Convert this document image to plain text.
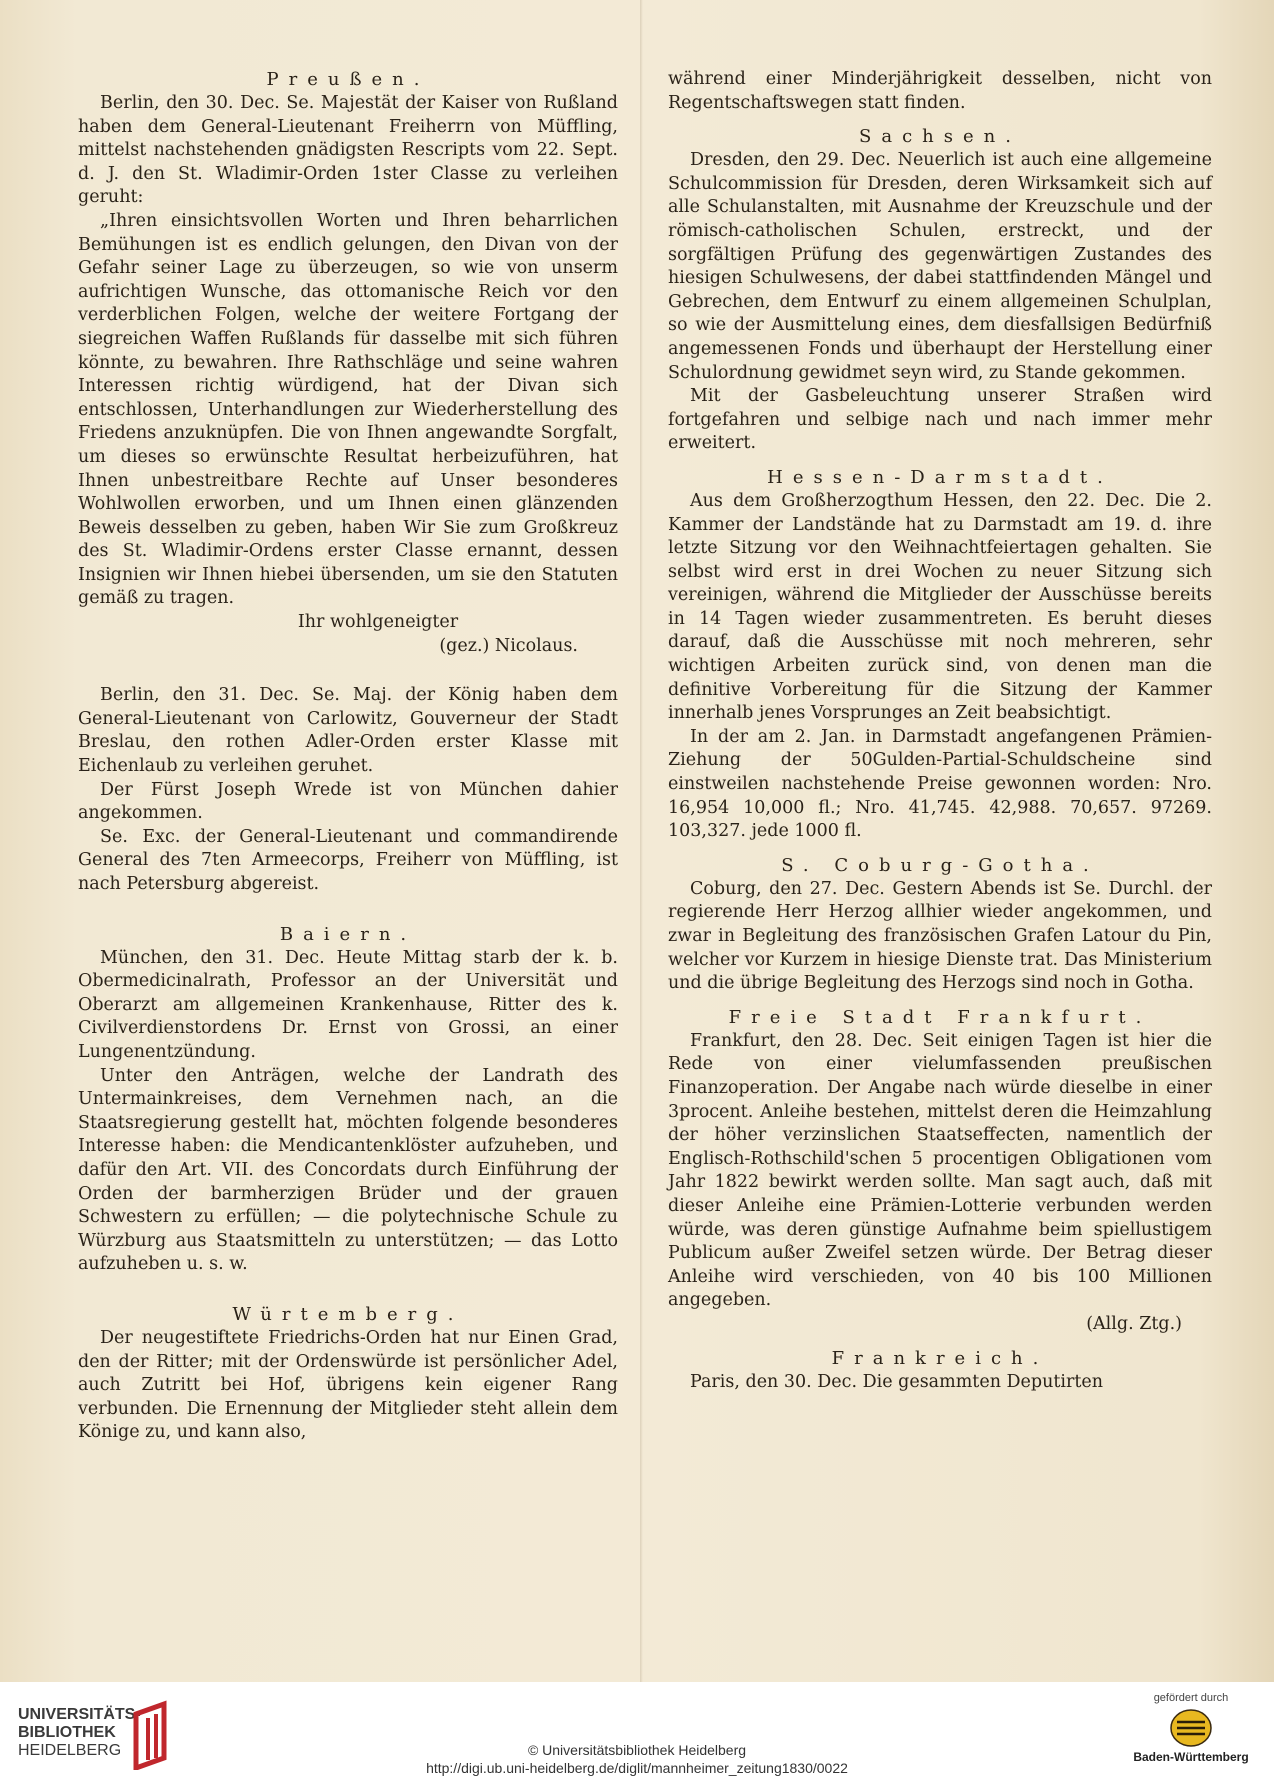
Preußen.

Berlin, den 30. Dec. Se. Majestät der Kaiser von Rußland haben dem General-Lieutenant Freiherrn von Müffling, mittelst nachstehenden gnädigsten Rescripts vom 22. Sept. d. J. den St. Wladimir-Orden 1ster Classe zu verleihen geruht:

„Ihren einsichtsvollen Worten und Ihren beharrlichen Bemühungen ist es endlich gelungen, den Divan von der Gefahr seiner Lage zu überzeugen, so wie von unserm aufrichtigen Wunsche, das ottomanische Reich vor den verderblichen Folgen, welche der weitere Fortgang der siegreichen Waffen Rußlands für dasselbe mit sich führen könnte, zu bewahren. Ihre Rathschläge und seine wahren Interessen richtig würdigend, hat der Divan sich entschlossen, Unterhandlungen zur Wiederherstellung des Friedens anzuknüpfen. Die von Ihnen angewandte Sorgfalt, um dieses so erwünschte Resultat herbeizuführen, hat Ihnen unbestreitbare Rechte auf Unser besonderes Wohlwollen erworben, und um Ihnen einen glänzenden Beweis desselben zu geben, haben Wir Sie zum Großkreuz des St. Wladimir-Ordens erster Classe ernannt, dessen Insignien wir Ihnen hiebei übersenden, um sie den Statuten gemäß zu tragen.

Ihr wohlgeneigter
(gez.) Nicolaus.

Berlin, den 31. Dec. Se. Maj. der König haben dem General-Lieutenant von Carlowitz, Gouverneur der Stadt Breslau, den rothen Adler-Orden erster Klasse mit Eichenlaub zu verleihen geruhet.

Der Fürst Joseph Wrede ist von München dahier angekommen.

Se. Exc. der General-Lieutenant und commandirende General des 7ten Armeecorps, Freiherr von Müffling, ist nach Petersburg abgereist.

Baiern.

München, den 31. Dec. Heute Mittag starb der k. b. Obermedicinalrath, Professor an der Universität und Oberarzt am allgemeinen Krankenhause, Ritter des k. Civilverdienstordens Dr. Ernst von Grossi, an einer Lungenentzündung.

Unter den Anträgen, welche der Landrath des Untermainkreises, dem Vernehmen nach, an die Staatsregierung gestellt hat, möchten folgende besonderes Interesse haben: die Mendicantenklöster aufzuheben, und dafür den Art. VII. des Concordats durch Einführung der Orden der barmherzigen Brüder und der grauen Schwestern zu erfüllen; — die polytechnische Schule zu Würzburg aus Staatsmitteln zu unterstützen; — das Lotto aufzuheben u. s. w.

Würtemberg.

Der neugestiftete Friedrichs-Orden hat nur Einen Grad, den der Ritter; mit der Ordenswürde ist persönlicher Adel, auch Zutritt bei Hof, übrigens kein eigener Rang verbunden. Die Ernennung der Mitglieder steht allein dem Könige zu, und kann also,

während einer Minderjährigkeit desselben, nicht von Regentschaftswegen statt finden.

Sachsen.

Dresden, den 29. Dec. Neuerlich ist auch eine allgemeine Schulcommission für Dresden, deren Wirksamkeit sich auf alle Schulanstalten, mit Ausnahme der Kreuzschule und der römisch-catholischen Schulen, erstreckt, und der sorgfältigen Prüfung des gegenwärtigen Zustandes des hiesigen Schulwesens, der dabei stattfindenden Mängel und Gebrechen, dem Entwurf zu einem allgemeinen Schulplan, so wie der Ausmittelung eines, dem diesfallsigen Bedürfniß angemessenen Fonds und überhaupt der Herstellung einer Schulordnung gewidmet seyn wird, zu Stande gekommen.

Mit der Gasbeleuchtung unserer Straßen wird fortgefahren und selbige nach und nach immer mehr erweitert.

Hessen-Darmstadt.

Aus dem Großherzogthum Hessen, den 22. Dec. Die 2. Kammer der Landstände hat zu Darmstadt am 19. d. ihre letzte Sitzung vor den Weihnachtfeiertagen gehalten. Sie selbst wird erst in drei Wochen zu neuer Sitzung sich vereinigen, während die Mitglieder der Ausschüsse bereits in 14 Tagen wieder zusammentreten. Es beruht dieses darauf, daß die Ausschüsse mit noch mehreren, sehr wichtigen Arbeiten zurück sind, von denen man die definitive Vorbereitung für die Sitzung der Kammer innerhalb jenes Vorsprunges an Zeit beabsichtigt.

In der am 2. Jan. in Darmstadt angefangenen Prämien-Ziehung der 50Gulden-Partial-Schuldscheine sind einstweilen nachstehende Preise gewonnen worden: Nro. 16,954 10,000 fl.; Nro. 41,745. 42,988. 70,657. 97269. 103,327. jede 1000 fl.

S. Coburg-Gotha.

Coburg, den 27. Dec. Gestern Abends ist Se. Durchl. der regierende Herr Herzog allhier wieder angekommen, und zwar in Begleitung des französischen Grafen Latour du Pin, welcher vor Kurzem in hiesige Dienste trat. Das Ministerium und die übrige Begleitung des Herzogs sind noch in Gotha.

Freie Stadt Frankfurt.

Frankfurt, den 28. Dec. Seit einigen Tagen ist hier die Rede von einer vielumfassenden preußischen Finanzoperation. Der Angabe nach würde dieselbe in einer 3procent. Anleihe bestehen, mittelst deren die Heimzahlung der höher verzinslichen Staatseffecten, namentlich der Englisch-Rothschild'schen 5 procentigen Obligationen vom Jahr 1822 bewirkt werden sollte. Man sagt auch, daß mit dieser Anleihe eine Prämien-Lotterie verbunden werden würde, was deren günstige Aufnahme beim spiellustigem Publicum außer Zweifel setzen würde. Der Betrag dieser Anleihe wird verschieden, von 40 bis 100 Millionen angegeben.

(Allg. Ztg.)
Frankreich.

Paris, den 30. Dec. Die gesammten Deputirten

UNIVERSITÄTS-
BIBLIOTHEK
HEIDELBERG	© Universitätsbibliothek Heidelberg
http://digi.ub.uni-heidelberg.de/diglit/mannheimer_zeitung1830/0022
gefördert durch
Baden-Württemberg
